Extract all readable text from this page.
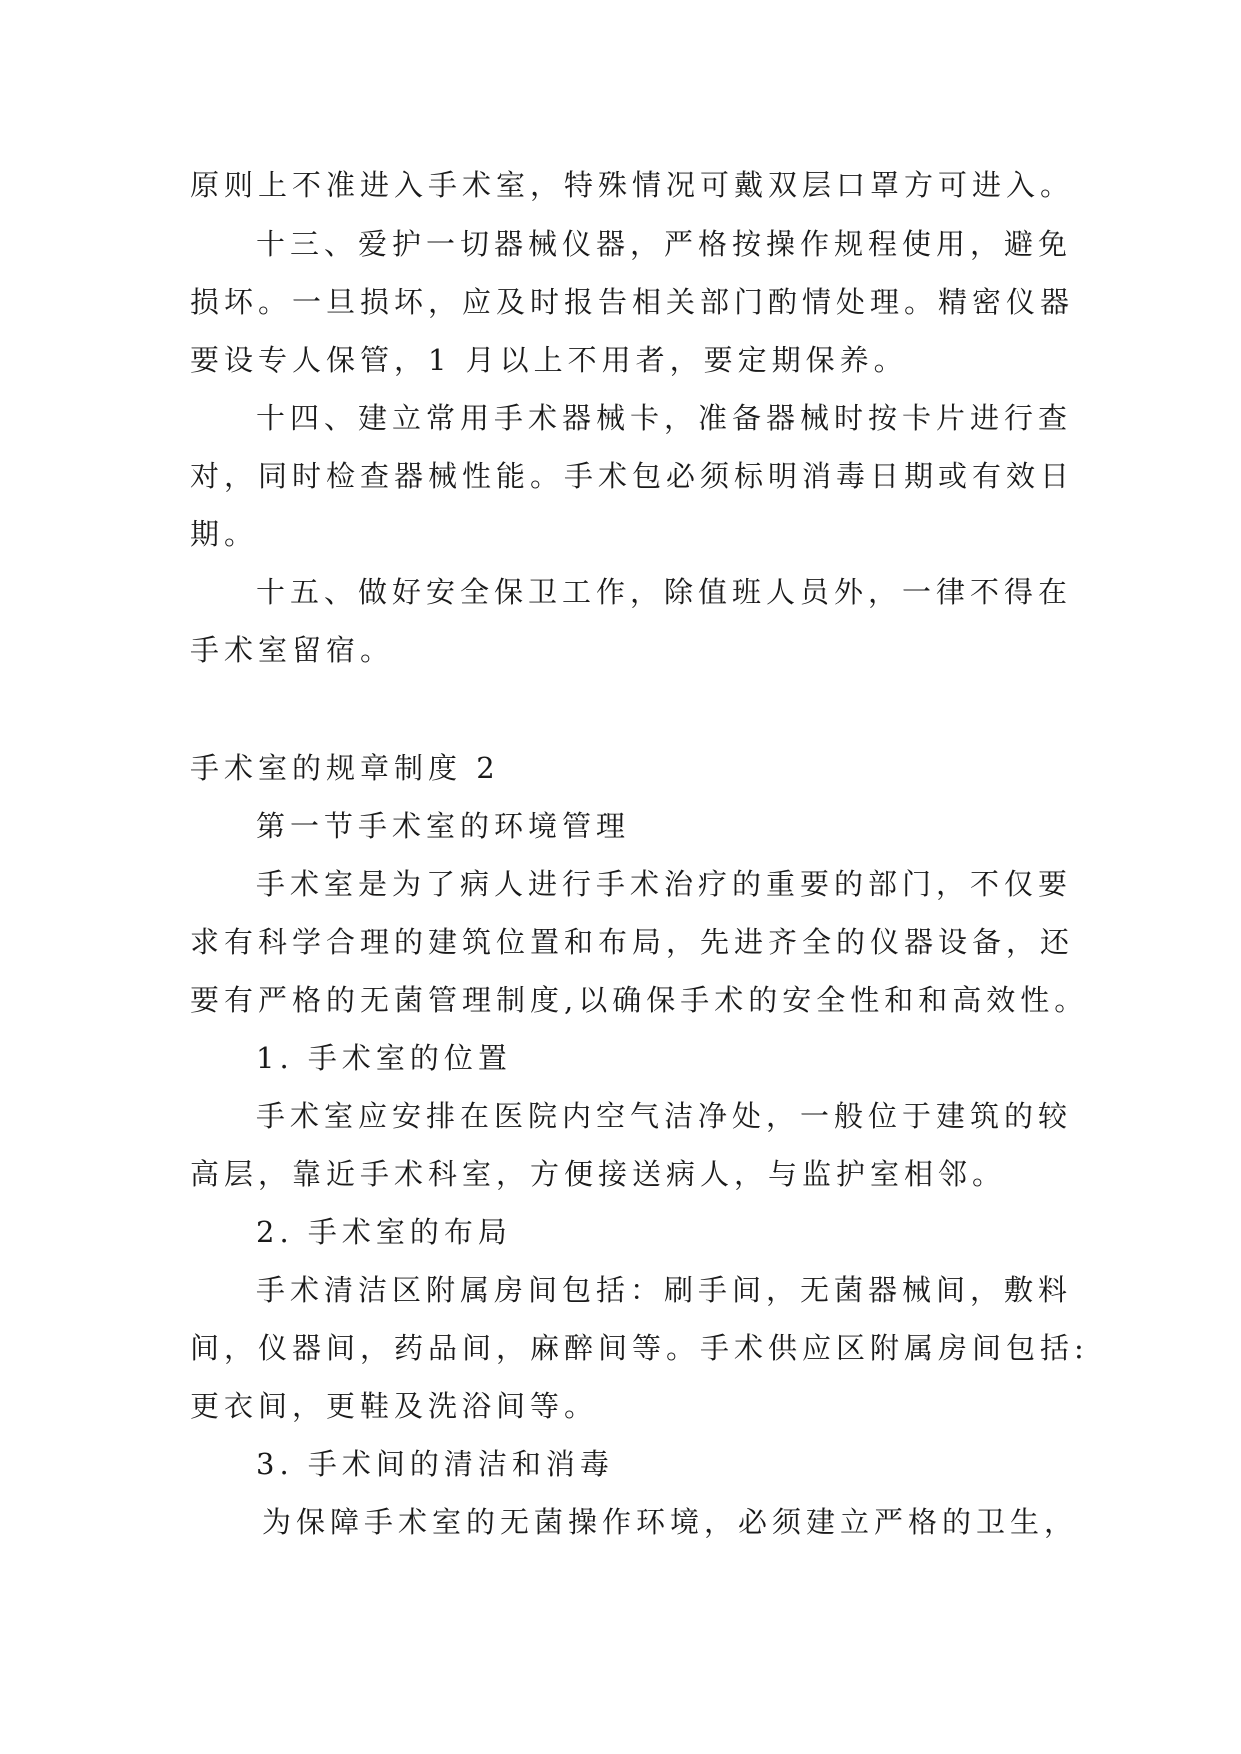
原则上不准进入手术室，特殊情况可戴双层口罩方可进入。
十三、爱护一切器械仪器，严格按操作规程使用，避免
损坏。一旦损坏，应及时报告相关部门酌情处理。精密仪器
要设专人保管，1 月以上不用者，要定期保养。
十四、建立常用手术器械卡，准备器械时按卡片进行查
对，同时检查器械性能。手术包必须标明消毒日期或有效日
期。
十五、做好安全保卫工作，除值班人员外，一律不得在
手术室留宿。
手术室的规章制度 2
第一节手术室的环境管理
手术室是为了病人进行手术治疗的重要的部门，不仅要
求有科学合理的建筑位置和布局，先进齐全的仪器设备，还
要有严格的无菌管理制度,以确保手术的安全性和和高效性。
1. 手术室的位置
手术室应安排在医院内空气洁净处，一般位于建筑的较
高层，靠近手术科室，方便接送病人，与监护室相邻。
2. 手术室的布局
手术清洁区附属房间包括：刷手间，无菌器械间，敷料
间，仪器间，药品间，麻醉间等。手术供应区附属房间包括:
更衣间，更鞋及洗浴间等。
3. 手术间的清洁和消毒
为保障手术室的无菌操作环境，必须建立严格的卫生，
